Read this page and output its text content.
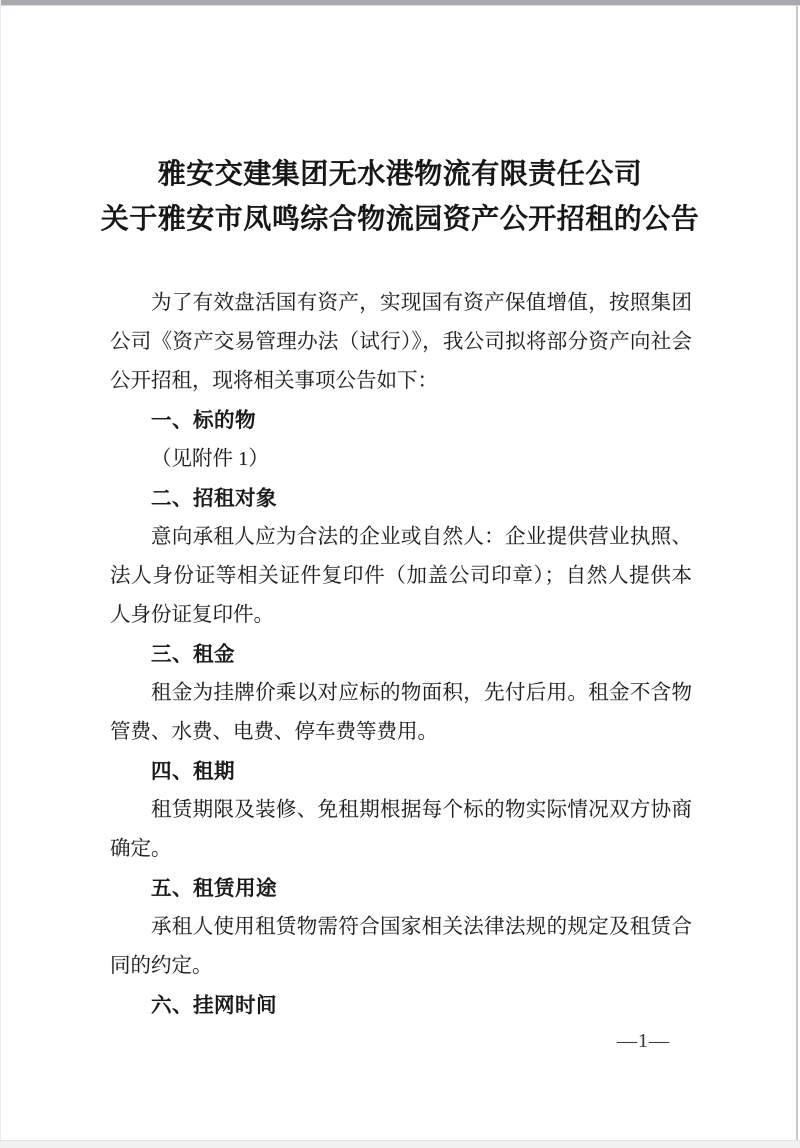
雅安交建集团无水港物流有限责任公司
关于雅安市凤鸣综合物流园资产公开招租的公告

为了有效盘活国有资产，实现国有资产保值增值，按照集团公司《资产交易管理办法（试行）》，我公司拟将部分资产向社会公开招租，现将相关事项公告如下：

一、标的物

（见附件 1）

二、招租对象

意向承租人应为合法的企业或自然人：企业提供营业执照、法人身份证等相关证件复印件（加盖公司印章）；自然人提供本人身份证复印件。

三、租金

租金为挂牌价乘以对应标的物面积，先付后用。租金不含物管费、水费、电费、停车费等费用。

四、租期

租赁期限及装修、免租期根据每个标的物实际情况双方协商确定。

五、租赁用途

承租人使用租赁物需符合国家相关法律法规的规定及租赁合同的约定。

六、挂网时间

—1—
